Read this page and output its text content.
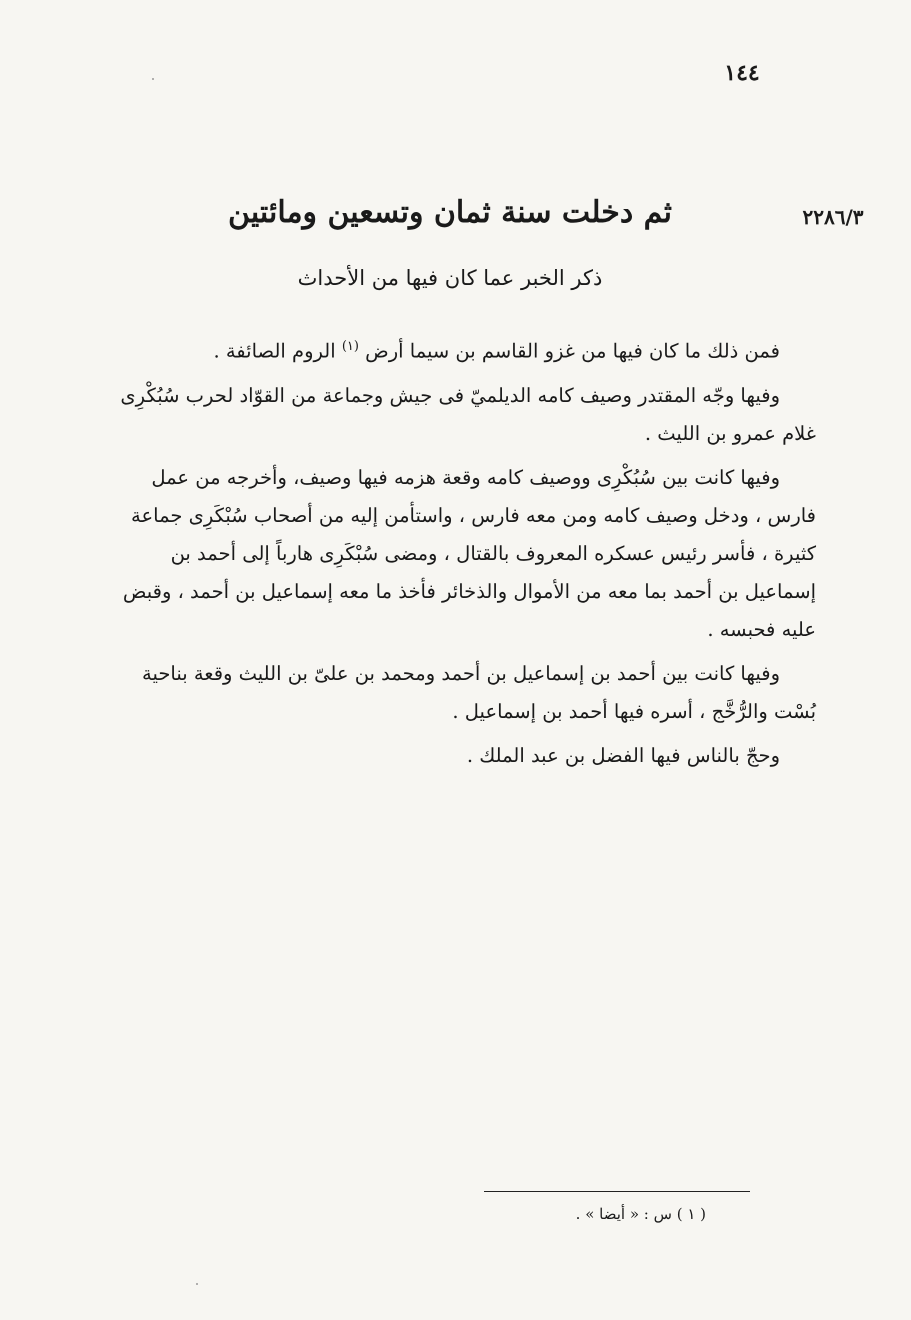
١٤٤
٢٢٨٦/٣
ثم دخلت سنة ثمان وتسعين ومائتين
ذكر الخبر عما كان فيها من الأحداث

فمن ذلك ما كان فيها من غزو القاسم بن سيما أرض $^{(١)}$ الروم الصائفة .

وفيها وجّه المقتدر وصيف كامه الديلميّ فى جيش وجماعة من القوّاد لحرب سُبُكْرِى غلام عمرو بن الليث .

وفيها كانت بين سُبُكْرِى ووصيف كامه وقعة هزمه فيها وصيف، وأخرجه من عمل فارس ، ودخل وصيف كامه ومن معه فارس ، واستأمن إليه من أصحاب سُبْكَرِى جماعة كثيرة ، فأسر رئيس عسكره المعروف بالقتال ، ومضى سُبْكَرِى هارباً إلى أحمد بن إسماعيل بن أحمد بما معه من الأموال والذخائر فأخذ ما معه إسماعيل بن أحمد ، وقبض عليه فحبسه .

وفيها كانت بين أحمد بن إسماعيل بن أحمد ومحمد بن علىّ بن الليث وقعة بناحية بُسْت والرُّخَّج ، أسره فيها أحمد بن إسماعيل .

وحجّ بالناس فيها الفضل بن عبد الملك .

( ١ ) س : « أيضا » .
